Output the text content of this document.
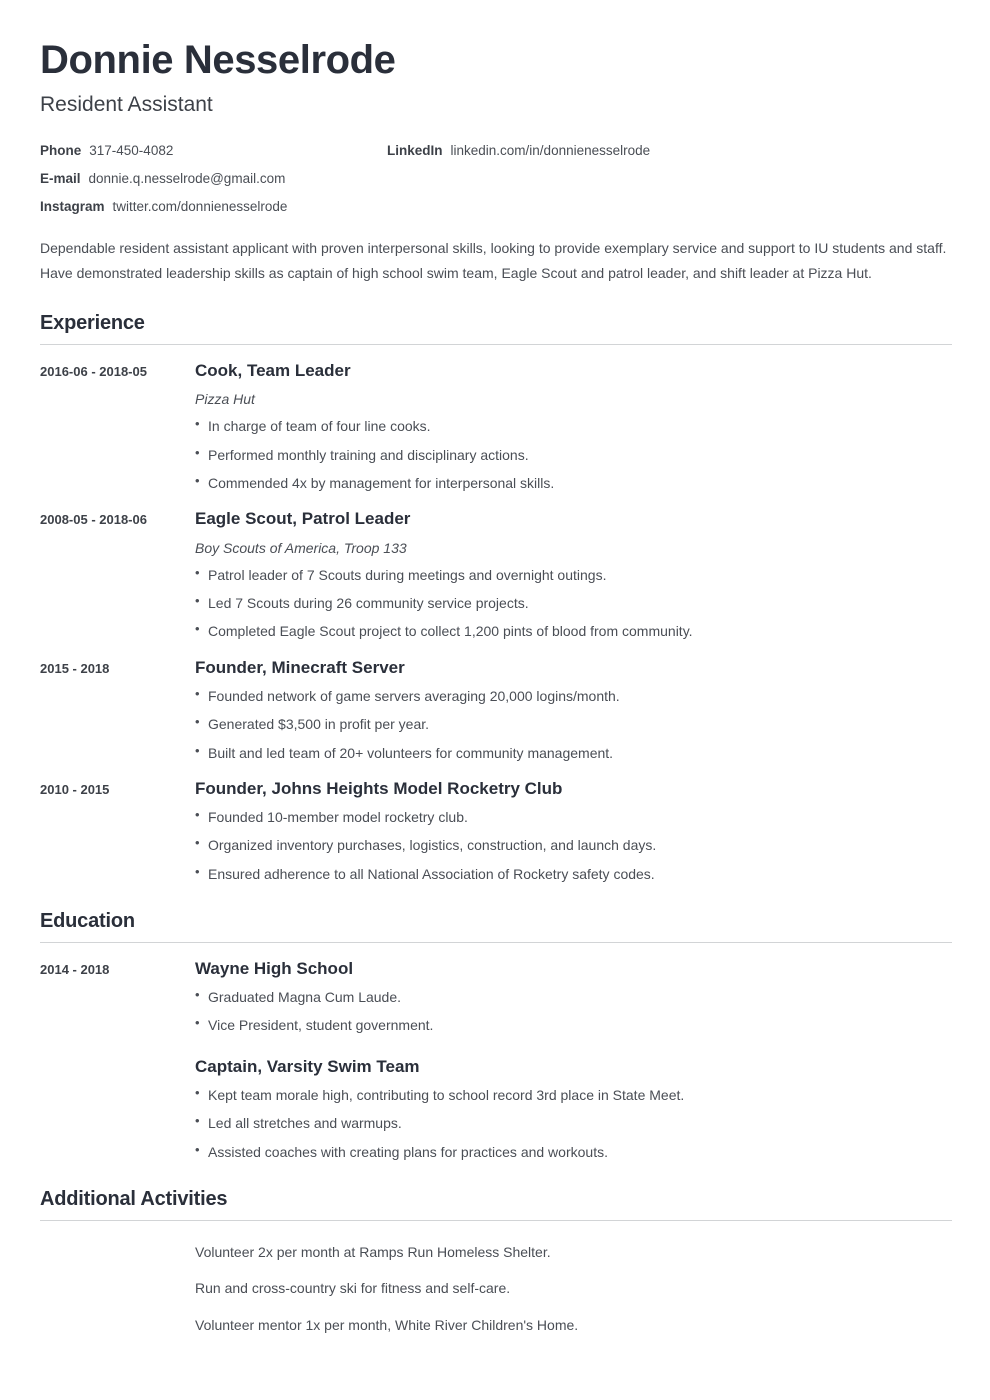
Donnie Nesselrode
Resident Assistant
Phone 317-450-4082	LinkedIn linkedin.com/in/donnienesselrode
E-mail donnie.q.nesselrode@gmail.com
Instagram twitter.com/donnienesselrode

Dependable resident assistant applicant with proven interpersonal skills, looking to provide exemplary service and support to IU students and staff. Have demonstrated leadership skills as captain of high school swim team, Eagle Scout and patrol leader, and shift leader at Pizza Hut.

Experience
2016-06 - 2018-05	Cook, Team Leader
Pizza Hut
• In charge of team of four line cooks.
• Performed monthly training and disciplinary actions.
• Commended 4x by management for interpersonal skills.
2008-05 - 2018-06	Eagle Scout, Patrol Leader
Boy Scouts of America, Troop 133
• Patrol leader of 7 Scouts during meetings and overnight outings.
• Led 7 Scouts during 26 community service projects.
• Completed Eagle Scout project to collect 1,200 pints of blood from community.
2015 - 2018	Founder, Minecraft Server
• Founded network of game servers averaging 20,000 logins/month.
• Generated $3,500 in profit per year.
• Built and led team of 20+ volunteers for community management.
2010 - 2015	Founder, Johns Heights Model Rocketry Club
• Founded 10-member model rocketry club.
• Organized inventory purchases, logistics, construction, and launch days.
• Ensured adherence to all National Association of Rocketry safety codes.
Education
2014 - 2018	Wayne High School
• Graduated Magna Cum Laude.
• Vice President, student government.
Captain, Varsity Swim Team
• Kept team morale high, contributing to school record 3rd place in State Meet.
• Led all stretches and warmups.
• Assisted coaches with creating plans for practices and workouts.
Additional Activities
Volunteer 2x per month at Ramps Run Homeless Shelter.
Run and cross-country ski for fitness and self-care.
Volunteer mentor 1x per month, White River Children's Home.
